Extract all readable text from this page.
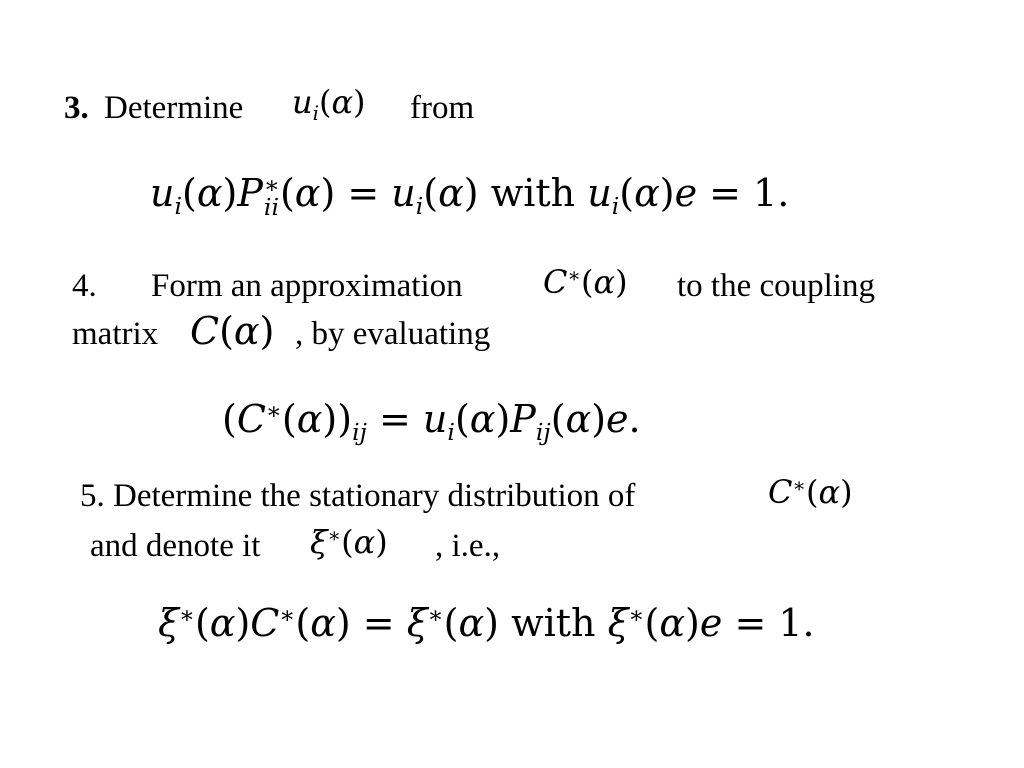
3. Determine $u_i(\alpha)$ from
$u_i(\alpha)P$ ∗
ii $(\alpha) = u_i(\alpha)$ with $u_i(\alpha)e = 1$.
4. Form an approximation	C∗(α) to the coupling
matrix C(α) , by evaluating
$(C^∗(\alpha))_{ij} = u_i(\alpha)P_{ij}(\alpha)e$.
5. Determine the stationary distribution of	C∗(α)
and denote it ξ∗(α) , i.e.,
ξ∗(α)C∗(α) = ξ∗(α) with ξ∗(α)e = 1.
